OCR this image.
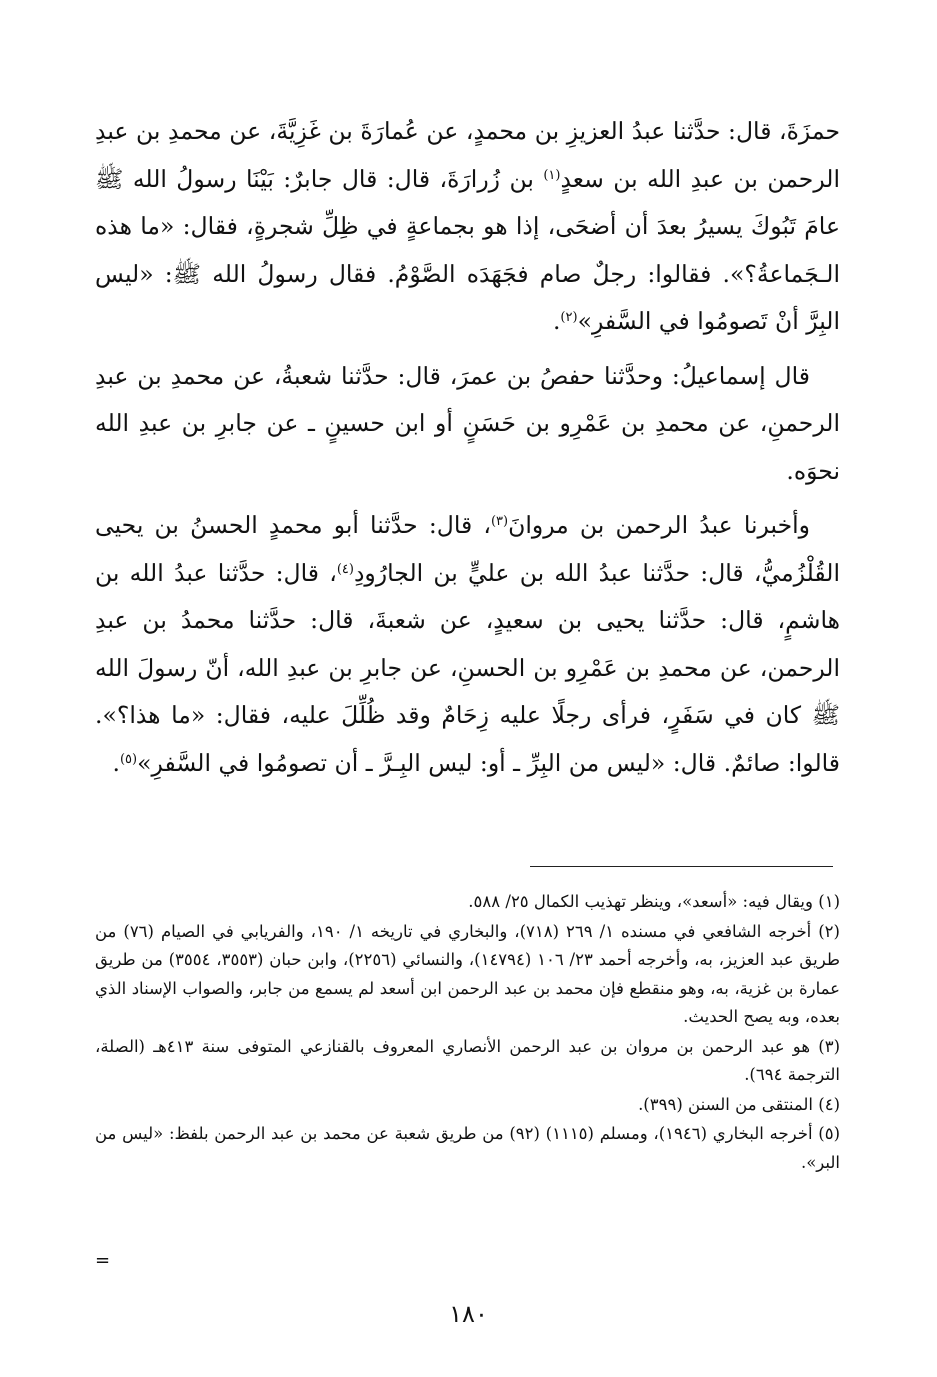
حمزَةَ، قال: حدَّثنا عبدُ العزيزِ بن محمدٍ، عن عُمارَةَ بن غَزِيَّةَ، عن محمدِ بن عبدِ الرحمن بن عبدِ الله بن سعدٍ$^{(١)}$ بن زُرارَةَ، قال: قال جابرٌ: بَيْنَا رسولُ الله ﷺ عامَ تَبُوكَ يسيرُ بعدَ أن أضحَى، إذا هو بجماعةٍ في ظِلِّ شجرةٍ، فقال: «ما هذه الـجَماعةُ؟». فقالوا: رجلٌ صام فجَهَدَه الصَّوْمُ. فقال رسولُ الله ﷺ: «ليس البِرَّ أنْ تَصومُوا في السَّفرِ»$^{(٢)}$.

قال إسماعيلُ: وحدَّثنا حفصُ بن عمرَ، قال: حدَّثنا شعبةُ، عن محمدِ بن عبدِ الرحمنِ، عن محمدِ بن عَمْرِو بن حَسَنٍ أو ابن حسينٍ ـ عن جابرِ بن عبدِ الله نحوَه.

وأخبرنا عبدُ الرحمن بن مروانَ$^{(٣)}$، قال: حدَّثنا أبو محمدٍ الحسنُ بن يحيى القُلْزُميُّ، قال: حدَّثنا عبدُ الله بن عليٍّ بن الجارُودِ$^{(٤)}$، قال: حدَّثنا عبدُ الله بن هاشمٍ، قال: حدَّثنا يحيى بن سعيدٍ، عن شعبةَ، قال: حدَّثنا محمدُ بن عبدِ الرحمن، عن محمدِ بن عَمْرِو بن الحسنِ، عن جابرِ بن عبدِ الله، أنّ رسولَ الله ﷺ كان في سَفَرٍ، فرأى رجلًا عليه زِحَامٌ وقد ظُلِّلَ عليه، فقال: «ما هذا؟». قالوا: صائمٌ. قال: «ليس من البِرِّ ـ أو: ليس البِـرَّ ـ أن تصومُوا في السَّفرِ»$^{(٥)}$.

(١) ويقال فيه: «أسعد»، وينظر تهذيب الكمال ٢٥/ ٥٨٨.

(٢) أخرجه الشافعي في مسنده ١/ ٢٦٩ (٧١٨)، والبخاري في تاريخه ١/ ١٩٠، والفريابي في الصيام (٧٦) من طريق عبد العزيز، به، وأخرجه أحمد ٢٣/ ١٠٦ (١٤٧٩٤)، والنسائي (٢٢٥٦)، وابن حبان (٣٥٥٣، ٣٥٥٤) من طريق عمارة بن غزية، به، وهو منقطع فإن محمد بن عبد الرحمن ابن أسعد لم يسمع من جابر، والصواب الإسناد الذي بعده، وبه يصح الحديث.

(٣) هو عبد الرحمن بن مروان بن عبد الرحمن الأنصاري المعروف بالقنازعي المتوفى سنة ٤١٣هـ (الصلة، الترجمة ٦٩٤).

(٤) المنتقى من السنن (٣٩٩).

(٥) أخرجه البخاري (١٩٤٦)، ومسلم (١١١٥) (٩٢) من طريق شعبة عن محمد بن عبد الرحمن بلفظ: «ليس من البر».

=
١٨٠
